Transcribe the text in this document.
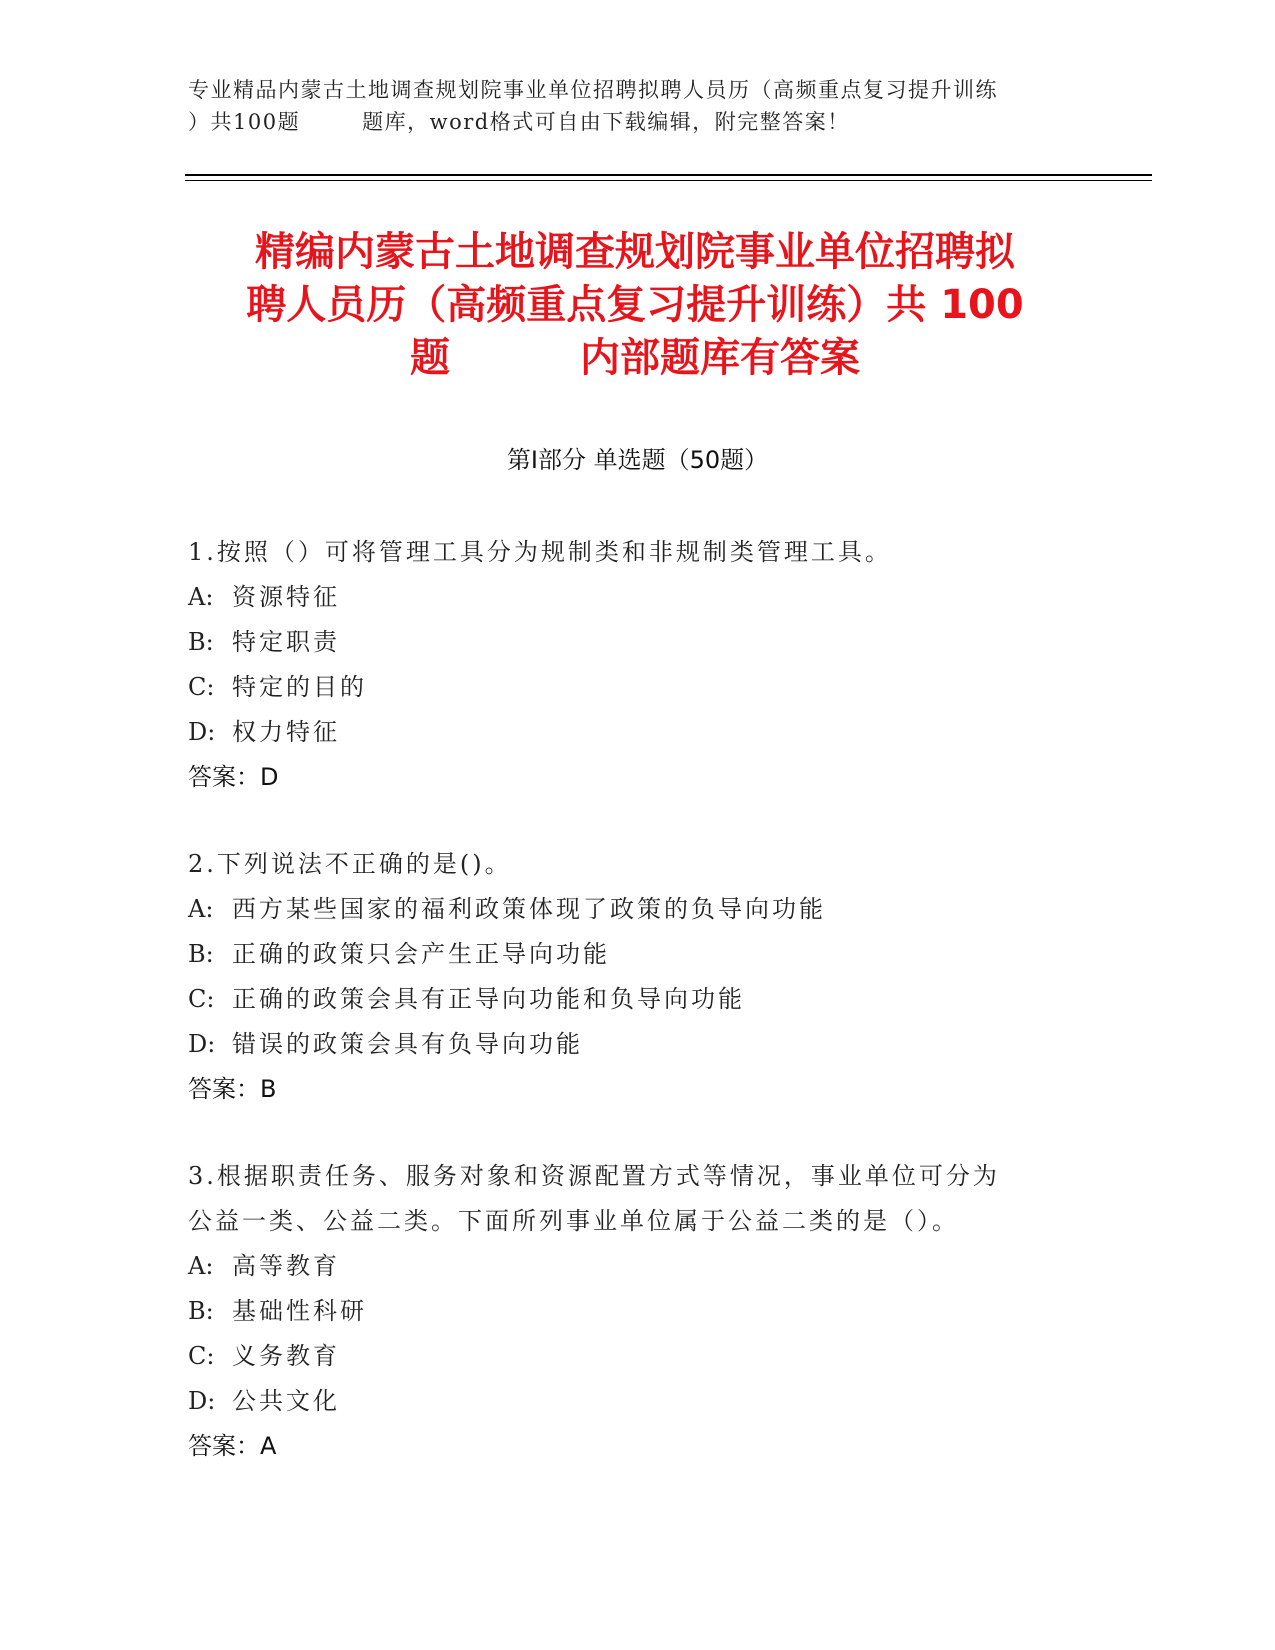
专业精品内蒙古土地调查规划院事业单位招聘拟聘人员历（高频重点复习提升训练
）共100题	题库，word格式可自由下载编辑，附完整答案！
精编内蒙古土地调查规划院事业单位招聘拟
聘人员历（高频重点复习提升训练）共 100
题	内部题库有答案
第Ⅰ部分 单选题（50题）
1.按照（）可将管理工具分为规制类和非规制类管理工具。
A: 资源特征
B: 特定职责
C: 特定的目的
D: 权力特征
答案：D
2.下列说法不正确的是()。
A: 西方某些国家的福利政策体现了政策的负导向功能
B: 正确的政策只会产生正导向功能
C: 正确的政策会具有正导向功能和负导向功能
D: 错误的政策会具有负导向功能
答案：B
3.根据职责任务、服务对象和资源配置方式等情况，事业单位可分为
公益一类、公益二类。下面所列事业单位属于公益二类的是（）。
A: 高等教育
B: 基础性科研
C: 义务教育
D: 公共文化
答案：A
